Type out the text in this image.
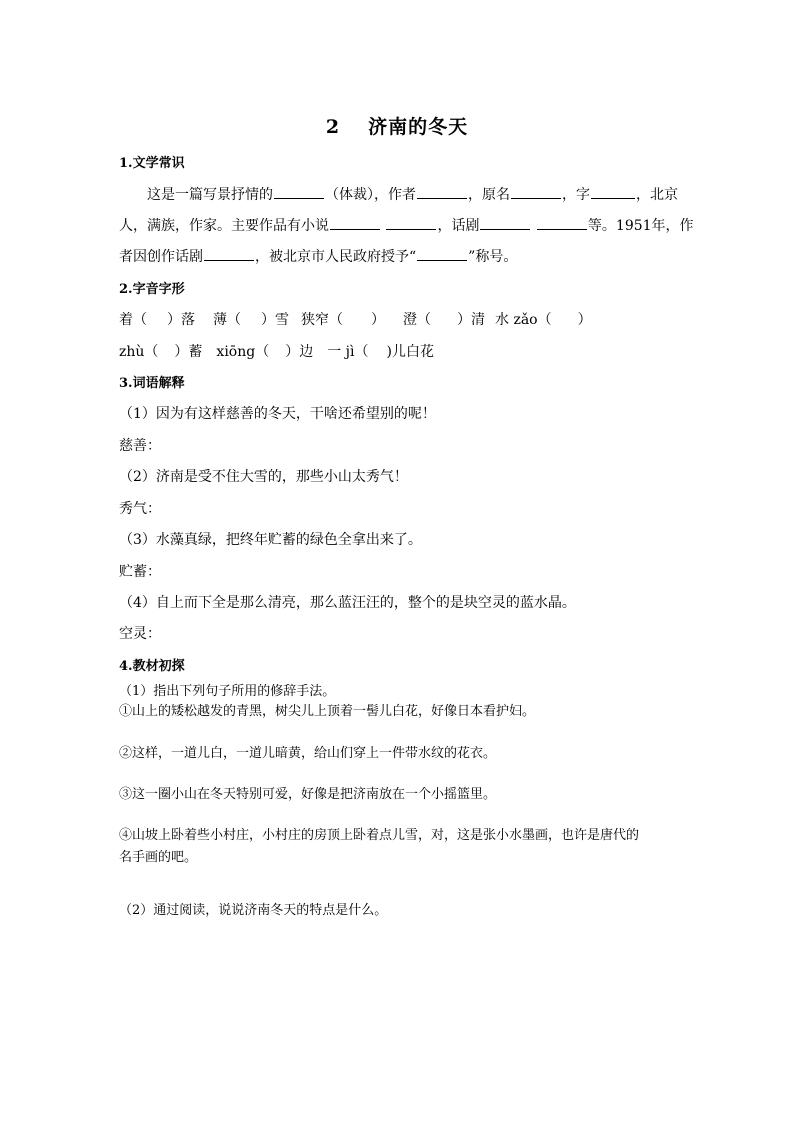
2 济南的冬天
1.文学常识
这是一篇写景抒情的	（体裁），作者	，原名	，字	，北京
人，满族，作家。主要作品有小说	，话剧	等。1951年，作
者因创作话剧	，被北京市人民政府授予“	”称号。
2.字音字形
着（ ）落 薄（ ）雪 狭窄（ ） 澄（ ）清 水 zǎo（ ）
zhù（ ）蓄 xiōng（ ）边 一 jì（ )儿白花
3.词语解释
（1）因为有这样慈善的冬天，干啥还希望别的呢！
慈善：
（2）济南是受不住大雪的，那些小山太秀气！
秀气：
（3）水藻真绿，把终年贮蓄的绿色全拿出来了。
贮蓄：
（4）自上而下全是那么清亮，那么蓝汪汪的，整个的是块空灵的蓝水晶。
空灵：
4.教材初探
（1）指出下列句子所用的修辞手法。
①山上的矮松越发的青黑，树尖儿上顶着一髻儿白花，好像日本看护妇。
②这样，一道儿白，一道儿暗黄，给山们穿上一件带水纹的花衣。
③这一圈小山在冬天特别可爱，好像是把济南放在一个小摇篮里。
④山坡上卧着些小村庄，小村庄的房顶上卧着点儿雪，对，这是张小水墨画，也许是唐代的
名手画的吧。
（2）通过阅读，说说济南冬天的特点是什么。
